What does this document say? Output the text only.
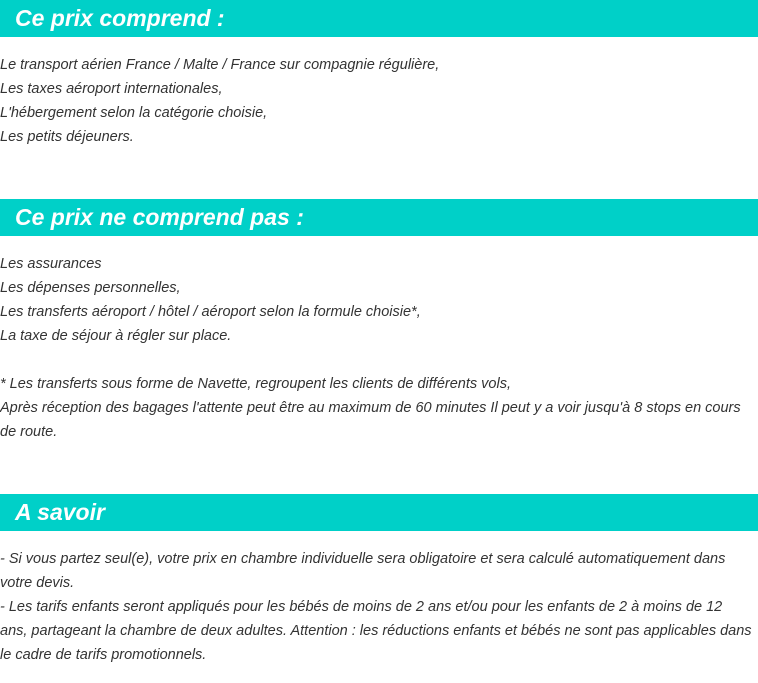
Ce prix comprend :
Le transport aérien France / Malte / France sur compagnie régulière,
Les taxes aéroport internationales,
L'hébergement selon la catégorie choisie,
Les petits déjeuners.
Ce prix ne comprend pas :
Les assurances
Les dépenses personnelles,
Les transferts aéroport / hôtel / aéroport selon la formule choisie*,
La taxe de séjour à régler sur place.
* Les transferts sous forme de Navette, regroupent les clients de différents vols,
Après réception des bagages l'attente peut être au maximum de 60 minutes Il peut y a voir jusqu'à 8 stops en cours de route.
A savoir
- Si vous partez seul(e), votre prix en chambre individuelle sera obligatoire et sera calculé automatiquement dans votre devis.
- Les tarifs enfants seront appliqués pour les bébés de moins de 2 ans et/ou pour les enfants de 2 à moins de 12 ans, partageant la chambre de deux adultes. Attention : les réductions enfants et bébés ne sont pas applicables dans le cadre de tarifs promotionnels.
